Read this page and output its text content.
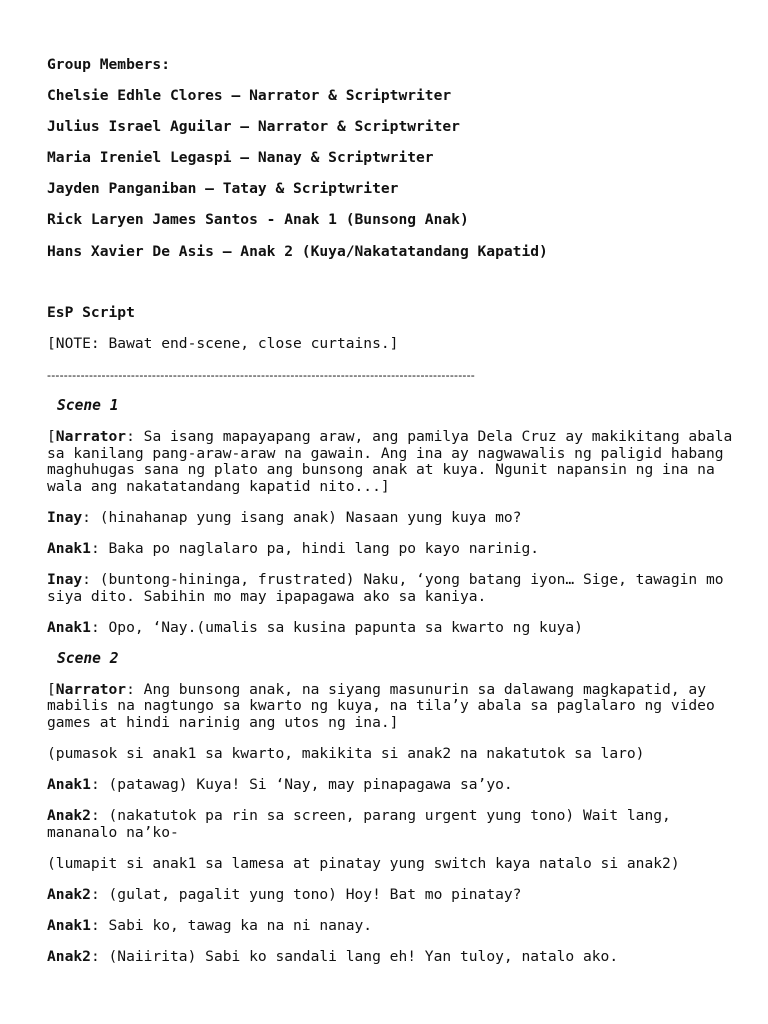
Group Members:

Chelsie Edhle Clores – Narrator & Scriptwriter

Julius Israel Aguilar – Narrator & Scriptwriter

Maria Ireniel Legaspi – Nanay & Scriptwriter

Jayden Panganiban – Tatay & Scriptwriter

Rick Laryen James Santos - Anak 1 (Bunsong Anak)

Hans Xavier De Asis – Anak 2 (Kuya/Nakatatandang Kapatid)

EsP Script

[NOTE: Bawat end-scene, close curtains.]

------------------------------------------------------------------------------------------------------

Scene 1

[Narrator: Sa isang mapayapang araw, ang pamilya Dela Cruz ay makikitang abala sa kanilang pang-araw-araw na gawain. Ang ina ay nagwawalis ng paligid habang maghuhugas sana ng plato ang bunsong anak at kuya. Ngunit napansin ng ina na wala ang nakatatandang kapatid nito...]

Inay: (hinahanap yung isang anak) Nasaan yung kuya mo?

Anak1: Baka po naglalaro pa, hindi lang po kayo narinig.

Inay: (buntong-hininga, frustrated) Naku, ‘yong batang iyon… Sige, tawagin mo siya dito. Sabihin mo may ipapagawa ako sa kaniya.

Anak1: Opo, ‘Nay.(umalis sa kusina papunta sa kwarto ng kuya)

Scene 2

[Narrator: Ang bunsong anak, na siyang masunurin sa dalawang magkapatid, ay mabilis na nagtungo sa kwarto ng kuya, na tila’y abala sa paglalaro ng video games at hindi narinig ang utos ng ina.]

(pumasok si anak1 sa kwarto, makikita si anak2 na nakatutok sa laro)

Anak1: (patawag) Kuya! Si ‘Nay, may pinapagawa sa’yo.

Anak2: (nakatutok pa rin sa screen, parang urgent yung tono) Wait lang, mananalo na’ko-

(lumapit si anak1 sa lamesa at pinatay yung switch kaya natalo si anak2)

Anak2: (gulat, pagalit yung tono) Hoy! Bat mo pinatay?

Anak1: Sabi ko, tawag ka na ni nanay.

Anak2: (Naiirita) Sabi ko sandali lang eh! Yan tuloy, natalo ako.
